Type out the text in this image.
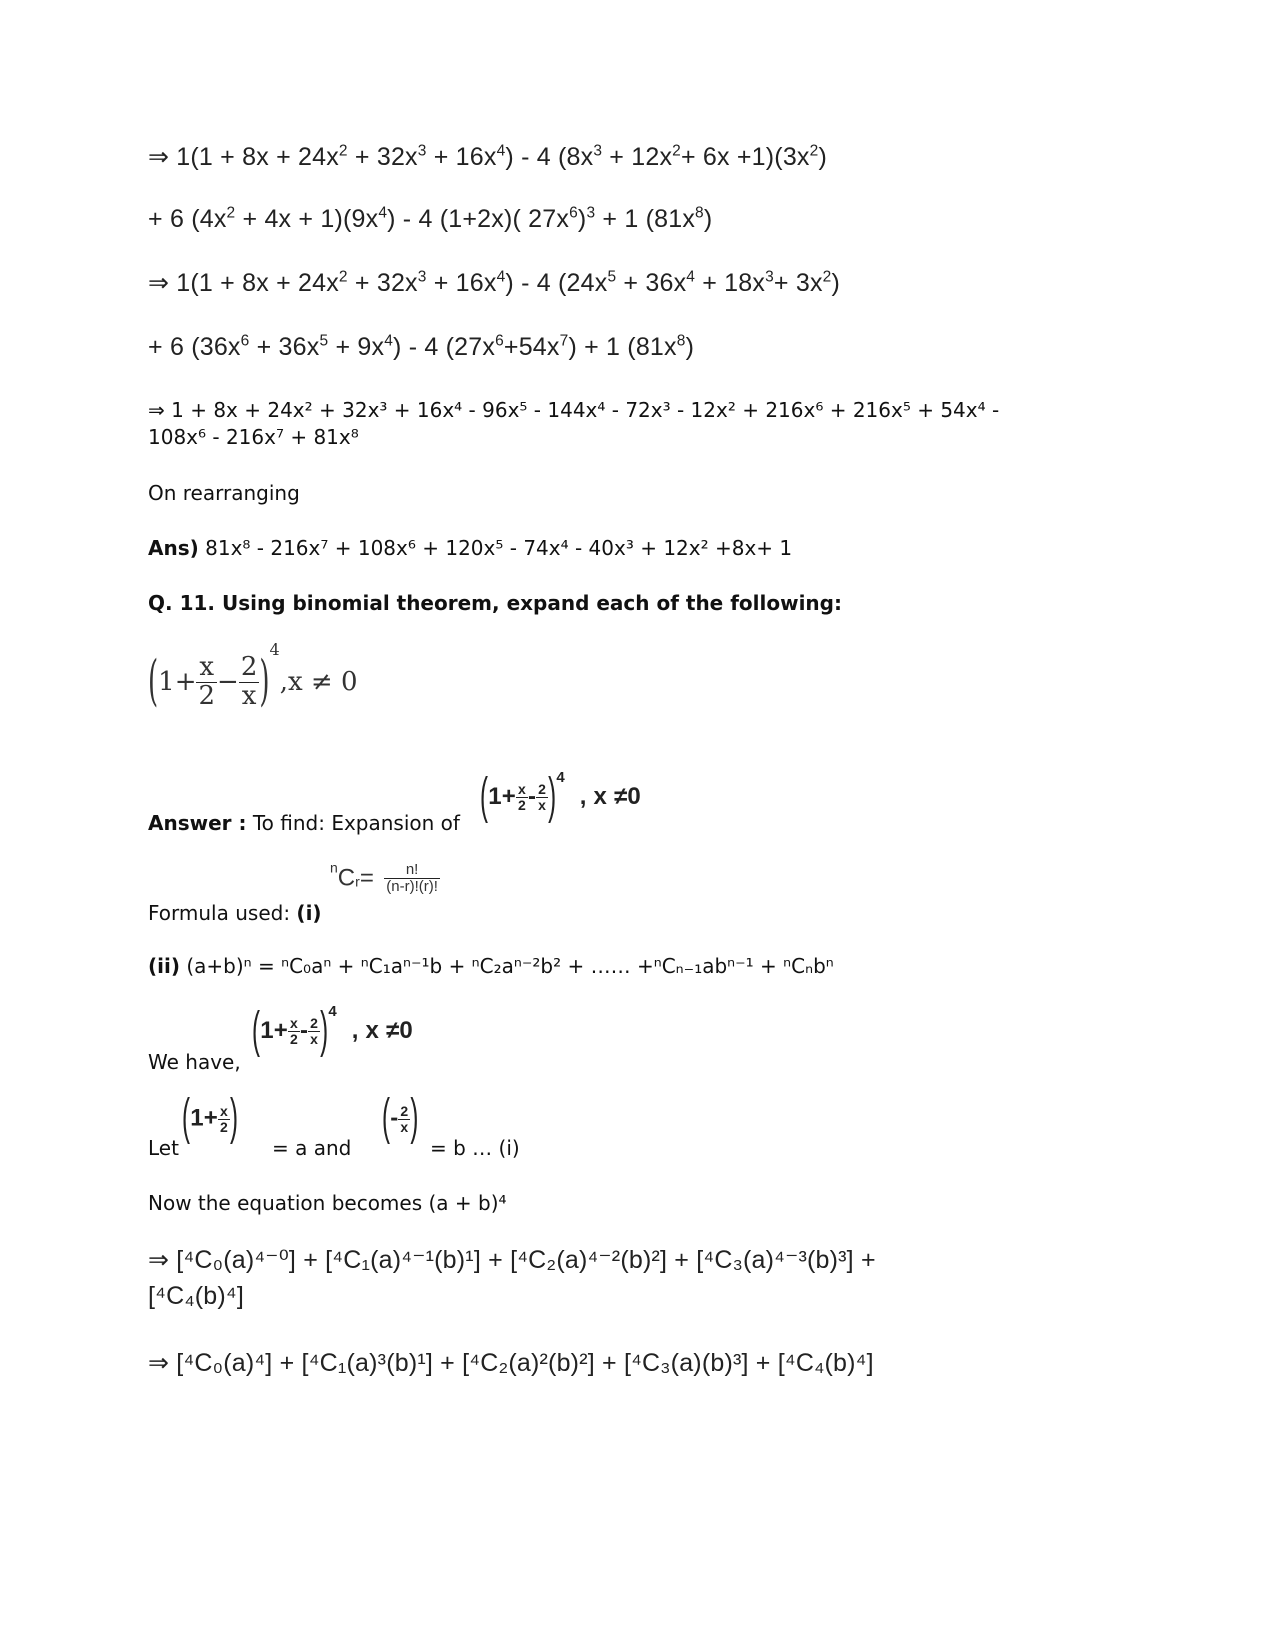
⇒ $1(1 + 8x + 24x^2 + 32x^3 + 16x^4) - 4$ $(8x^3 + 12x^2+ 6x +1)(3x^2)$
+ 6 $(4x^2 + 4x + 1)(9x^4) - 4$ (1+2x)( $27x^6)^3 + 1$ $(81x^8)$
⇒ $1(1 + 8x + 24x^2 + 32x^3 + 16x^4) - 4$ $(24x^5 + 36x^4 + 18x^3+ 3x^2)$
+ 6 $(36x^6 + 36x^5 + 9x^4) - 4$ $(27x^6+54x^7) + 1$ $(81x^8)$
⇒ 1 + 8x + 24x² + 32x³ + 16x⁴ - 96x⁵ - 144x⁴ - 72x³ - 12x² + 216x⁶ + 216x⁵ + 54x⁴ -
108x⁶ - 216x⁷ + 81x⁸
On rearranging
Ans) 81x⁸ - 216x⁷ + 108x⁶ + 120x⁵ - 74x⁴ - 40x³ + 12x² +8x+ 1
Q. 11. Using binomial theorem, expand each of the following:
$(1+ \frac{x}{2} - \frac{2}{x} )^4,x \ne 0$
Answer : To find: Expansion of $(1+ \frac{x}{2} - \frac{2}{x} )^4$ , x ≠0
Formula used: (i)
$^nC_r= \frac{n!}{(n-r)!(r)!}$
(ii) (a+b)ⁿ = ⁿC₀aⁿ + ⁿC₁aⁿ⁻¹b + ⁿC₂aⁿ⁻²b² + …… +ⁿCₙ₋₁abⁿ⁻¹ + ⁿCₙbⁿ
We have,
$(1+ \frac{x}{2} - \frac{2}{x} )^4$ , x ≠0
Let
($1+ \frac{x}{2}$ )
= a and
(- $\frac{2}{x}$ )
= b … (i)
Now the equation becomes (a + b)⁴
⇒ [⁴C₀(a)⁴⁻⁰] + [⁴C₁(a)⁴⁻¹(b)¹] + [⁴C₂(a)⁴⁻²(b)²] + [⁴C₃(a)⁴⁻³(b)³] +
[⁴C₄(b)⁴]
⇒ [⁴C₀(a)⁴] + [⁴C₁(a)³(b)¹] + [⁴C₂(a)²(b)²] + [⁴C₃(a)(b)³] + [⁴C₄(b)⁴]
